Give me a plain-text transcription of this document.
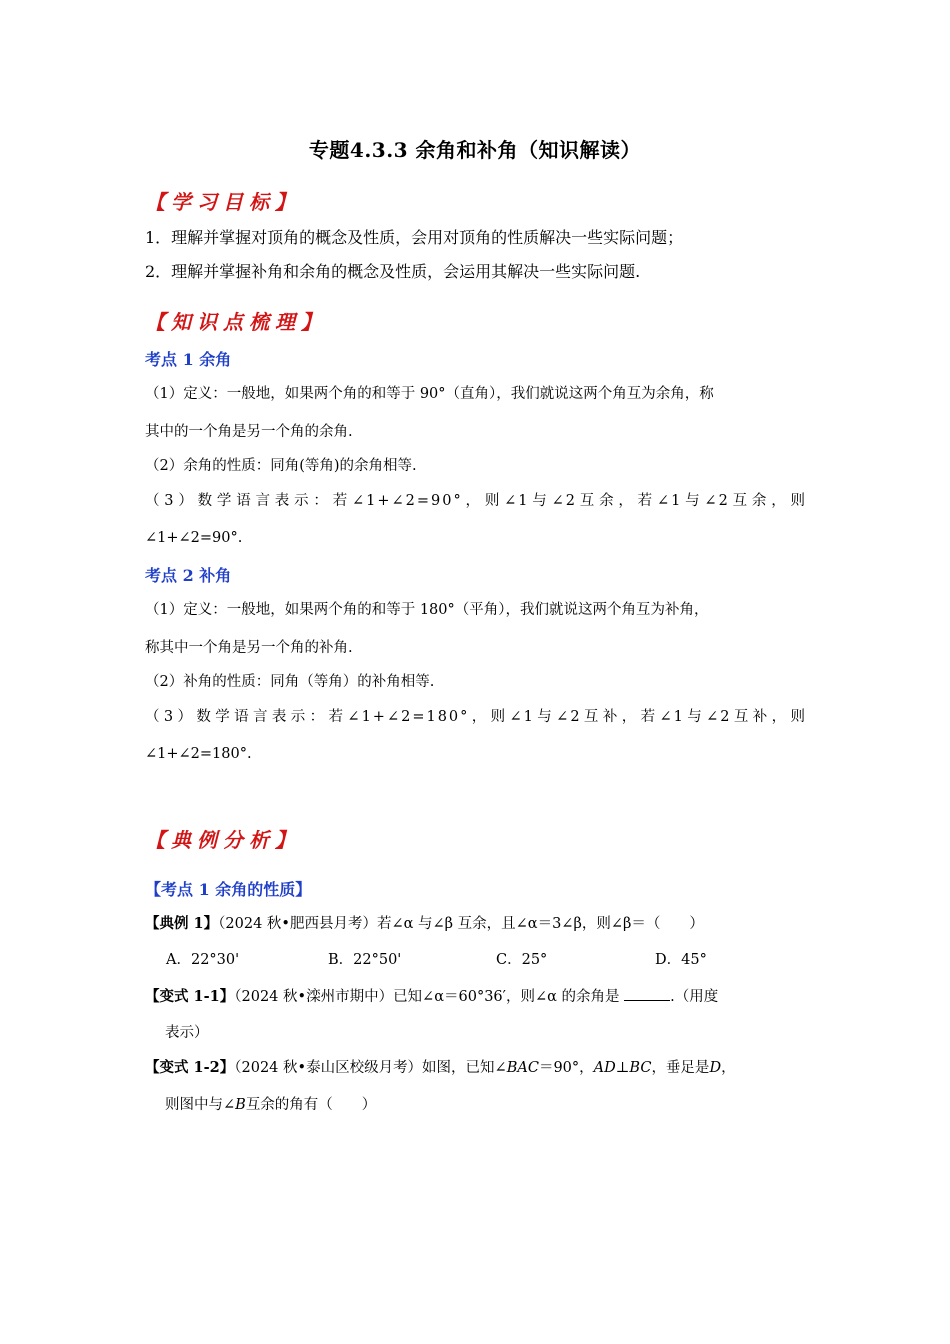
专题4.3.3 余角和补角（知识解读）
【学习目标】
1．理解并掌握对顶角的概念及性质，会用对顶角的性质解决一些实际问题；
2．理解并掌握补角和余角的概念及性质，会运用其解决一些实际问题.
【知识点梳理】
考点 1 余角
（1）定义：一般地，如果两个角的和等于 90°（直角），我们就说这两个角互为余角，称
其中的一个角是另一个角的余角.
（2）余角的性质：同角(等角)的余角相等.
（3）数学语言表示：若∠1+∠2=90°，则∠1与∠2互余，若∠1与∠2互余，则
∠1+∠2=90°.
考点 2 补角
（1）定义：一般地，如果两个角的和等于 180°（平角），我们就说这两个角互为补角，
称其中一个角是另一个角的补角.
（2）补角的性质：同角（等角）的补角相等.
（3）数学语言表示：若∠1+∠2=180°，则∠1与∠2互补，若∠1与∠2互补，则
∠1+∠2=180°.
【典例分析】
【考点 1 余角的性质】
【典例 1】（2024 秋•肥西县月考）若∠α 与∠β 互余，且∠α＝3∠β，则∠β＝（　　）
A．22°30'	B．22°50'	C．25°	D．45°
【变式 1-1】（2024 秋•滦州市期中）已知∠α＝60°36′，则∠α 的余角是	.（用度
表示）
【变式 1-2】（2024 秋•泰山区校级月考）如图，已知∠BAC＝90°，AD⊥BC，垂足是D，
则图中与∠B互余的角有（　　）
